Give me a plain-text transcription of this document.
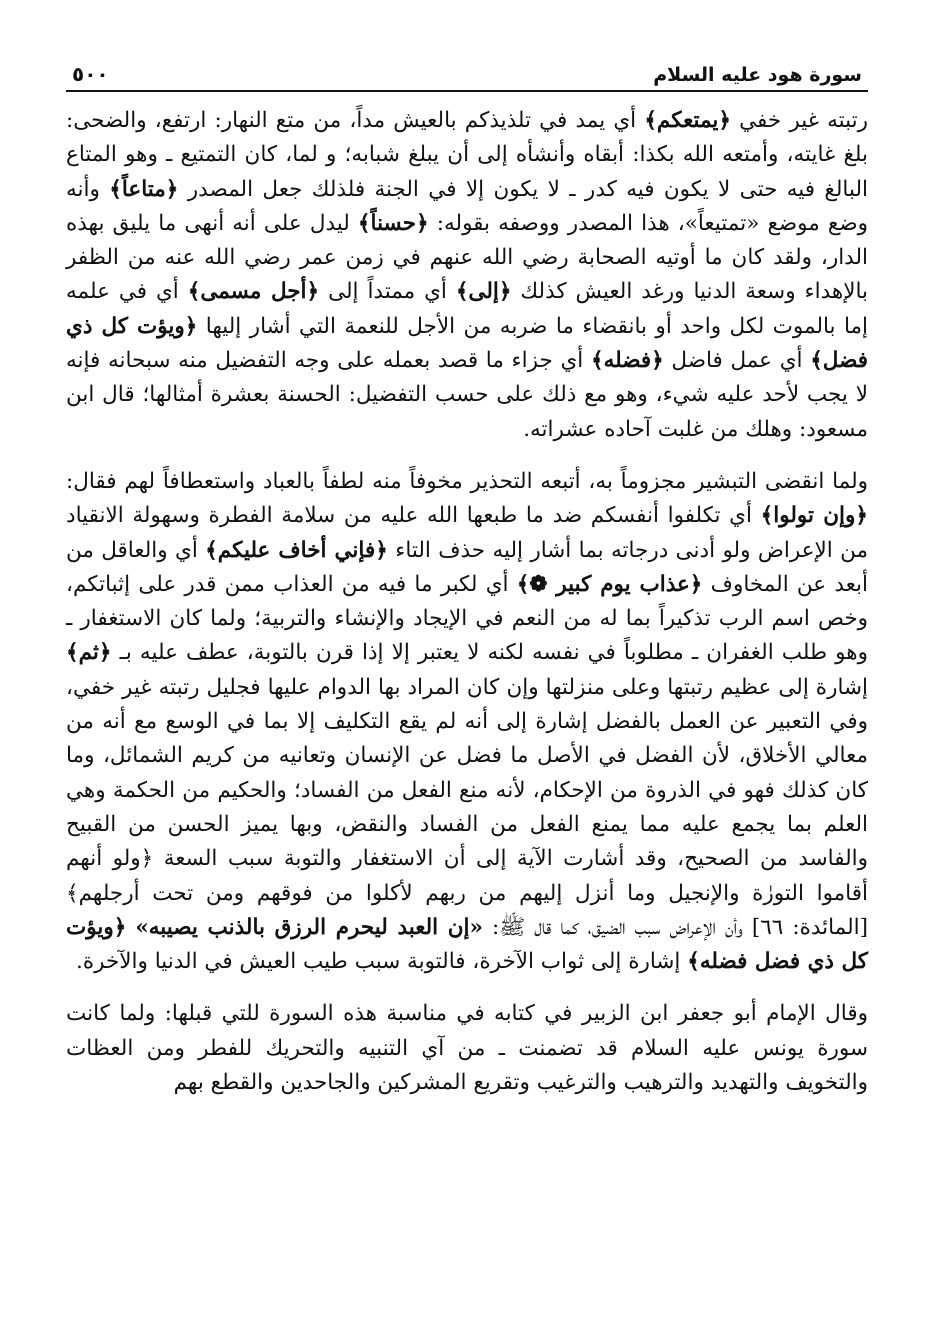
سورة هود عليه السلام
٥٠٠

رتبته غير خفي ﴿يمتعكم﴾ أي يمد في تلذيذكم بالعيش مداً، من متع النهار: ارتفع، والضحى: بلغ غايته، وأمتعه الله بكذا: أبقاه وأنشأه إلى أن يبلغ شبابه؛ و لما، كان التمتيع ـ وهو المتاع البالغ فيه حتى لا يكون فيه كدر ـ لا يكون إلا في الجنة فلذلك جعل المصدر ﴿متاعاً﴾ وأنه وضع موضع «تمتيعاً»، هذا المصدر ووصفه بقوله: ﴿حسناً﴾ ليدل على أنه أنهى ما يليق بهذه الدار، ولقد كان ما أوتيه الصحابة رضي الله عنهم في زمن عمر رضي الله عنه من الظفر بالإهداء وسعة الدنيا ورغد العيش كذلك ﴿إلى﴾ أي ممتداً إلى ﴿أجل مسمى﴾ أي في علمه إما بالموت لكل واحد أو بانقضاء ما ضربه من الأجل للنعمة التي أشار إليها ﴿ويؤت كل ذي فضل﴾ أي عمل فاضل ﴿فضله﴾ أي جزاء ما قصد بعمله على وجه التفضيل منه سبحانه فإنه لا يجب لأحد عليه شيء، وهو مع ذلك على حسب التفضيل: الحسنة بعشرة أمثالها؛ قال ابن مسعود: وهلك من غلبت آحاده عشراته.

ولما انقضى التبشير مجزوماً به، أتبعه التحذير مخوفاً منه لطفاً بالعباد واستعطافاً لهم فقال: ﴿وإن تولوا﴾ أي تكلفوا أنفسكم ضد ما طبعها الله عليه من سلامة الفطرة وسهولة الانقياد من الإعراض ولو أدنى درجاته بما أشار إليه حذف التاء ﴿فإني أخاف عليكم﴾ أي والعاقل من أبعد عن المخاوف ﴿عذاب يوم كبير ❁﴾ أي لكبر ما فيه من العذاب ممن قدر على إثباتكم، وخص اسم الرب تذكيراً بما له من النعم في الإيجاد والإنشاء والتربية؛ ولما كان الاستغفار ـ وهو طلب الغفران ـ مطلوباً في نفسه لكنه لا يعتبر إلا إذا قرن بالتوبة، عطف عليه بـ ﴿ثم﴾ إشارة إلى عظيم رتبتها وعلى منزلتها وإن كان المراد بها الدوام عليها فجليل رتبته غير خفي، وفي التعبير عن العمل بالفضل إشارة إلى أنه لم يقع التكليف إلا بما في الوسع مع أنه من معالي الأخلاق، لأن الفضل في الأصل ما فضل عن الإنسان وتعانيه من كريم الشمائل، وما كان كذلك فهو في الذروة من الإحكام، لأنه منع الفعل من الفساد؛ والحكيم من الحكمة وهي العلم بما يجمع عليه مما يمنع الفعل من الفساد والنقض، وبها يميز الحسن من القبيح والفاسد من الصحيح، وقد أشارت الآية إلى أن الاستغفار والتوبة سبب السعة ﴿ولو أنهم أقاموا التورٰة والإنجيل وما أنزل إليهم من ربهم لأكلوا من فوقهم ومن تحت أرجلهم﴾ [المائدة: ٦٦] وأن الإعراض سبب الضيق، كما قال ﷺ: «إن العبد ليحرم الرزق بالذنب يصيبه» ﴿ويؤت كل ذي فضل فضله﴾ إشارة إلى ثواب الآخرة، فالتوبة سبب طيب العيش في الدنيا والآخرة.

وقال الإمام أبو جعفر ابن الزبير في كتابه في مناسبة هذه السورة للتي قبلها: ولما كانت سورة يونس عليه السلام قد تضمنت ـ من آي التنبيه والتحريك للفطر ومن العظات والتخويف والتهديد والترهيب والترغيب وتقريع المشركين والجاحدين والقطع بهم
